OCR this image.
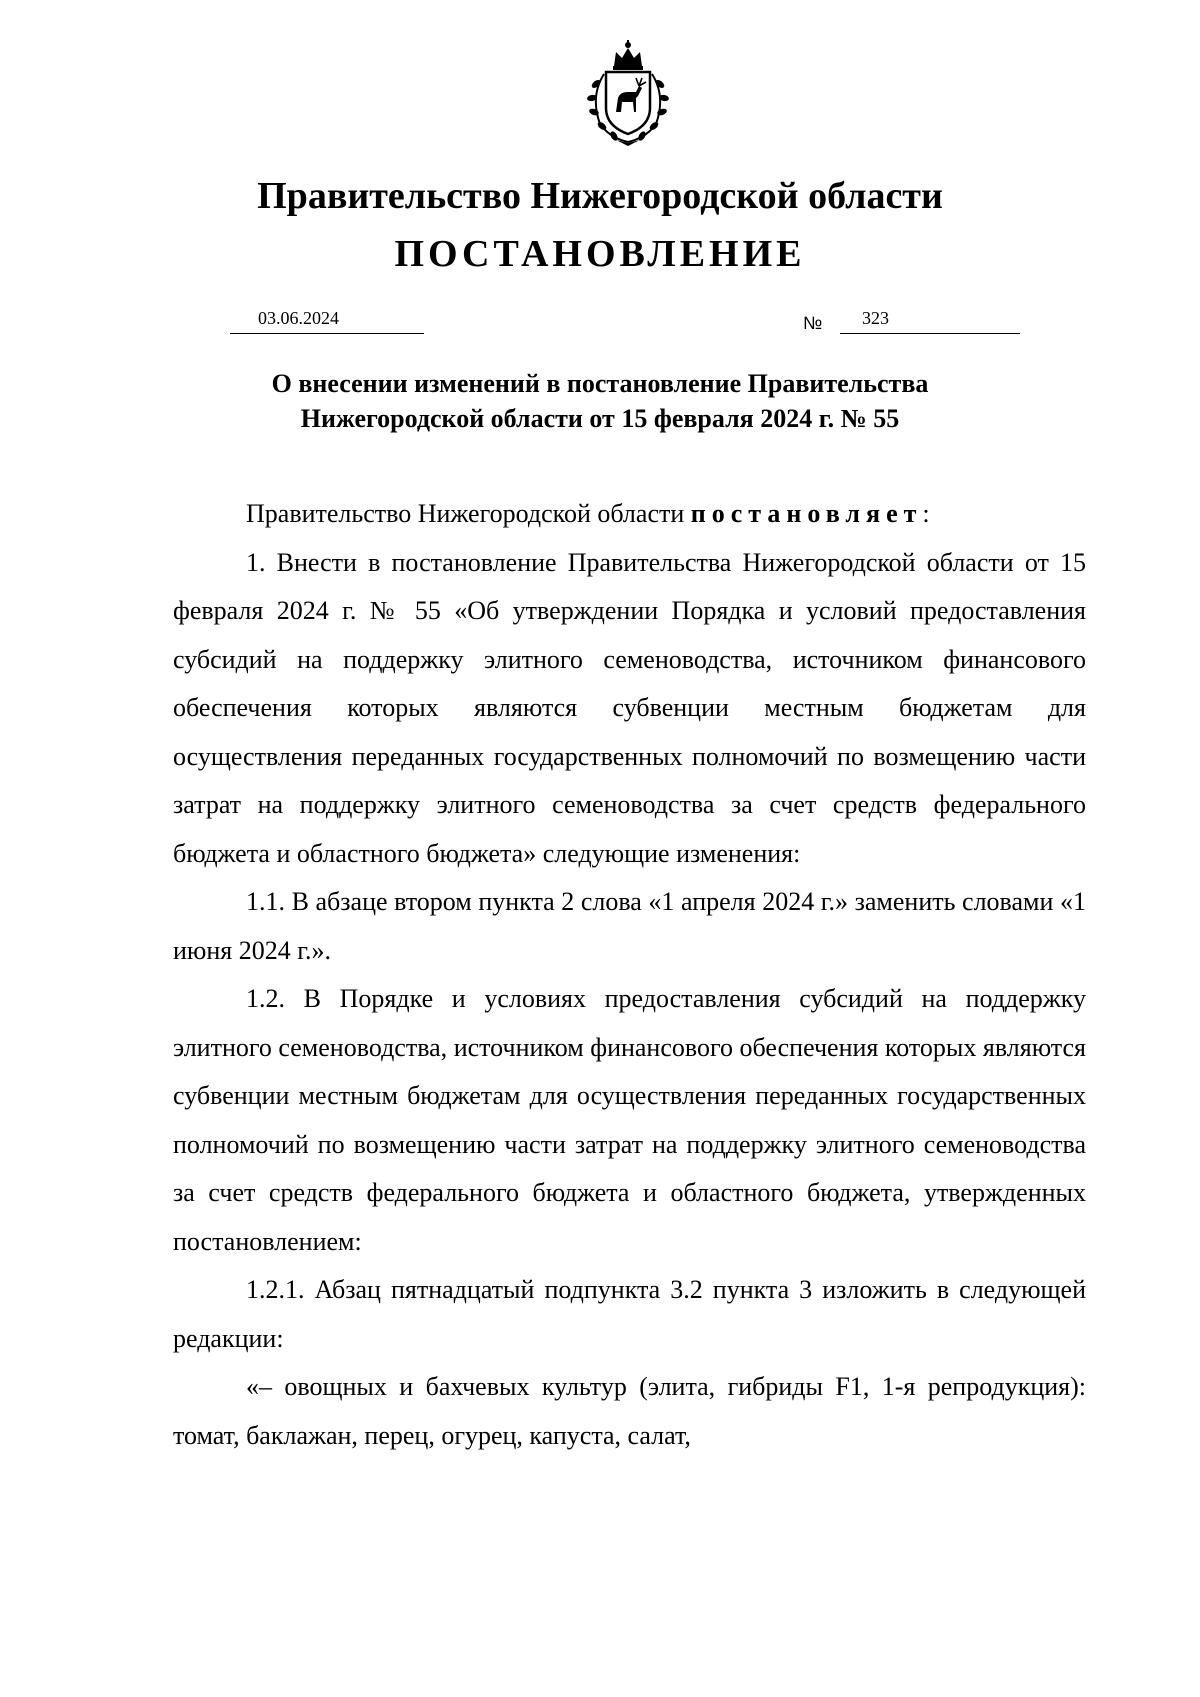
Правительство Нижегородской области
ПОСТАНОВЛЕНИЕ
03.06.2024	№ 323
О внесении изменений в постановление Правительства
Нижегородской области от 15 февраля 2024 г. № 55

Правительство Нижегородской области постановляет:

1. Внести в постановление Правительства Нижегородской области от 15 февраля 2024 г. № 55 «Об утверждении Порядка и условий предоставления субсидий на поддержку элитного семеноводства, источником финансового обеспечения которых являются субвенции местным бюджетам для осуществления переданных государственных полномочий по возмещению части затрат на поддержку элитного семеноводства за счет средств федерального бюджета и областного бюджета» следующие изменения:

1.1. В абзаце втором пункта 2 слова «1 апреля 2024 г.» заменить словами «1 июня 2024 г.».

1.2. В Порядке и условиях предоставления субсидий на поддержку элитного семеноводства, источником финансового обеспечения которых являются субвенции местным бюджетам для осуществления переданных государственных полномочий по возмещению части затрат на поддержку элитного семеноводства за счет средств федерального бюджета и областного бюджета, утвержденных постановлением:

1.2.1. Абзац пятнадцатый подпункта 3.2 пункта 3 изложить в следующей редакции:

«– овощных и бахчевых культур (элита, гибриды F1, 1-я репродукция): томат, баклажан, перец, огурец, капуста, салат,
